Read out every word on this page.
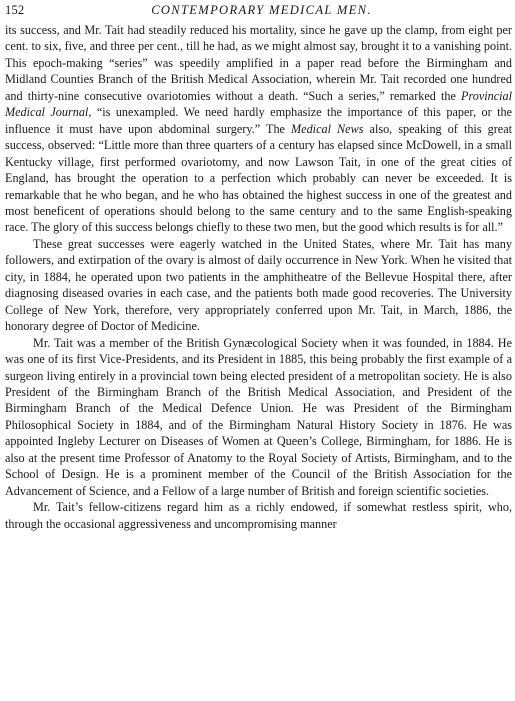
152	CONTEMPORARY MEDICAL MEN.

its success, and Mr. Tait had steadily reduced his mortality, since he gave up the clamp, from eight per cent. to six, five, and three per cent., till he had, as we might almost say, brought it to a vanishing point. This epoch-making “series” was speedily amplified in a paper read before the Birmingham and Midland Counties Branch of the British Medical Association, wherein Mr. Tait recorded one hundred and thirty-nine consecutive ovariotomies without a death. “Such a series,” remarked the Provincial Medical Journal, “is unexampled. We need hardly emphasize the importance of this paper, or the influence it must have upon abdominal surgery.” The Medical News also, speaking of this great success, observed: “Little more than three quarters of a century has elapsed since McDowell, in a small Kentucky village, first performed ovariotomy, and now Lawson Tait, in one of the great cities of England, has brought the operation to a perfection which probably can never be exceeded. It is remarkable that he who began, and he who has obtained the highest success in one of the greatest and most beneficent of operations should belong to the same century and to the same English-speaking race. The glory of this success belongs chiefly to these two men, but the good which results is for all.”

These great successes were eagerly watched in the United States, where Mr. Tait has many followers, and extirpation of the ovary is almost of daily occurrence in New York. When he visited that city, in 1884, he operated upon two patients in the amphitheatre of the Bellevue Hospital there, after diagnosing diseased ovaries in each case, and the patients both made good recoveries. The University College of New York, therefore, very appropriately conferred upon Mr. Tait, in March, 1886, the honorary degree of Doctor of Medicine.

Mr. Tait was a member of the British Gynæcological Society when it was founded, in 1884. He was one of its first Vice-Presidents, and its President in 1885, this being probably the first example of a surgeon living entirely in a provincial town being elected president of a metropolitan society. He is also President of the Birmingham Branch of the British Medical Association, and President of the Birmingham Branch of the Medical Defence Union. He was President of the Birmingham Philosophical Society in 1884, and of the Birmingham Natural History Society in 1876. He was appointed Ingleby Lecturer on Diseases of Women at Queen’s College, Birmingham, for 1886. He is also at the present time Professor of Anatomy to the Royal Society of Artists, Birmingham, and to the School of Design. He is a prominent member of the Council of the British Association for the Advancement of Science, and a Fellow of a large number of British and foreign scientific societies.

Mr. Tait’s fellow-citizens regard him as a richly endowed, if somewhat restless spirit, who, through the occasional aggressiveness and uncompromising manner
